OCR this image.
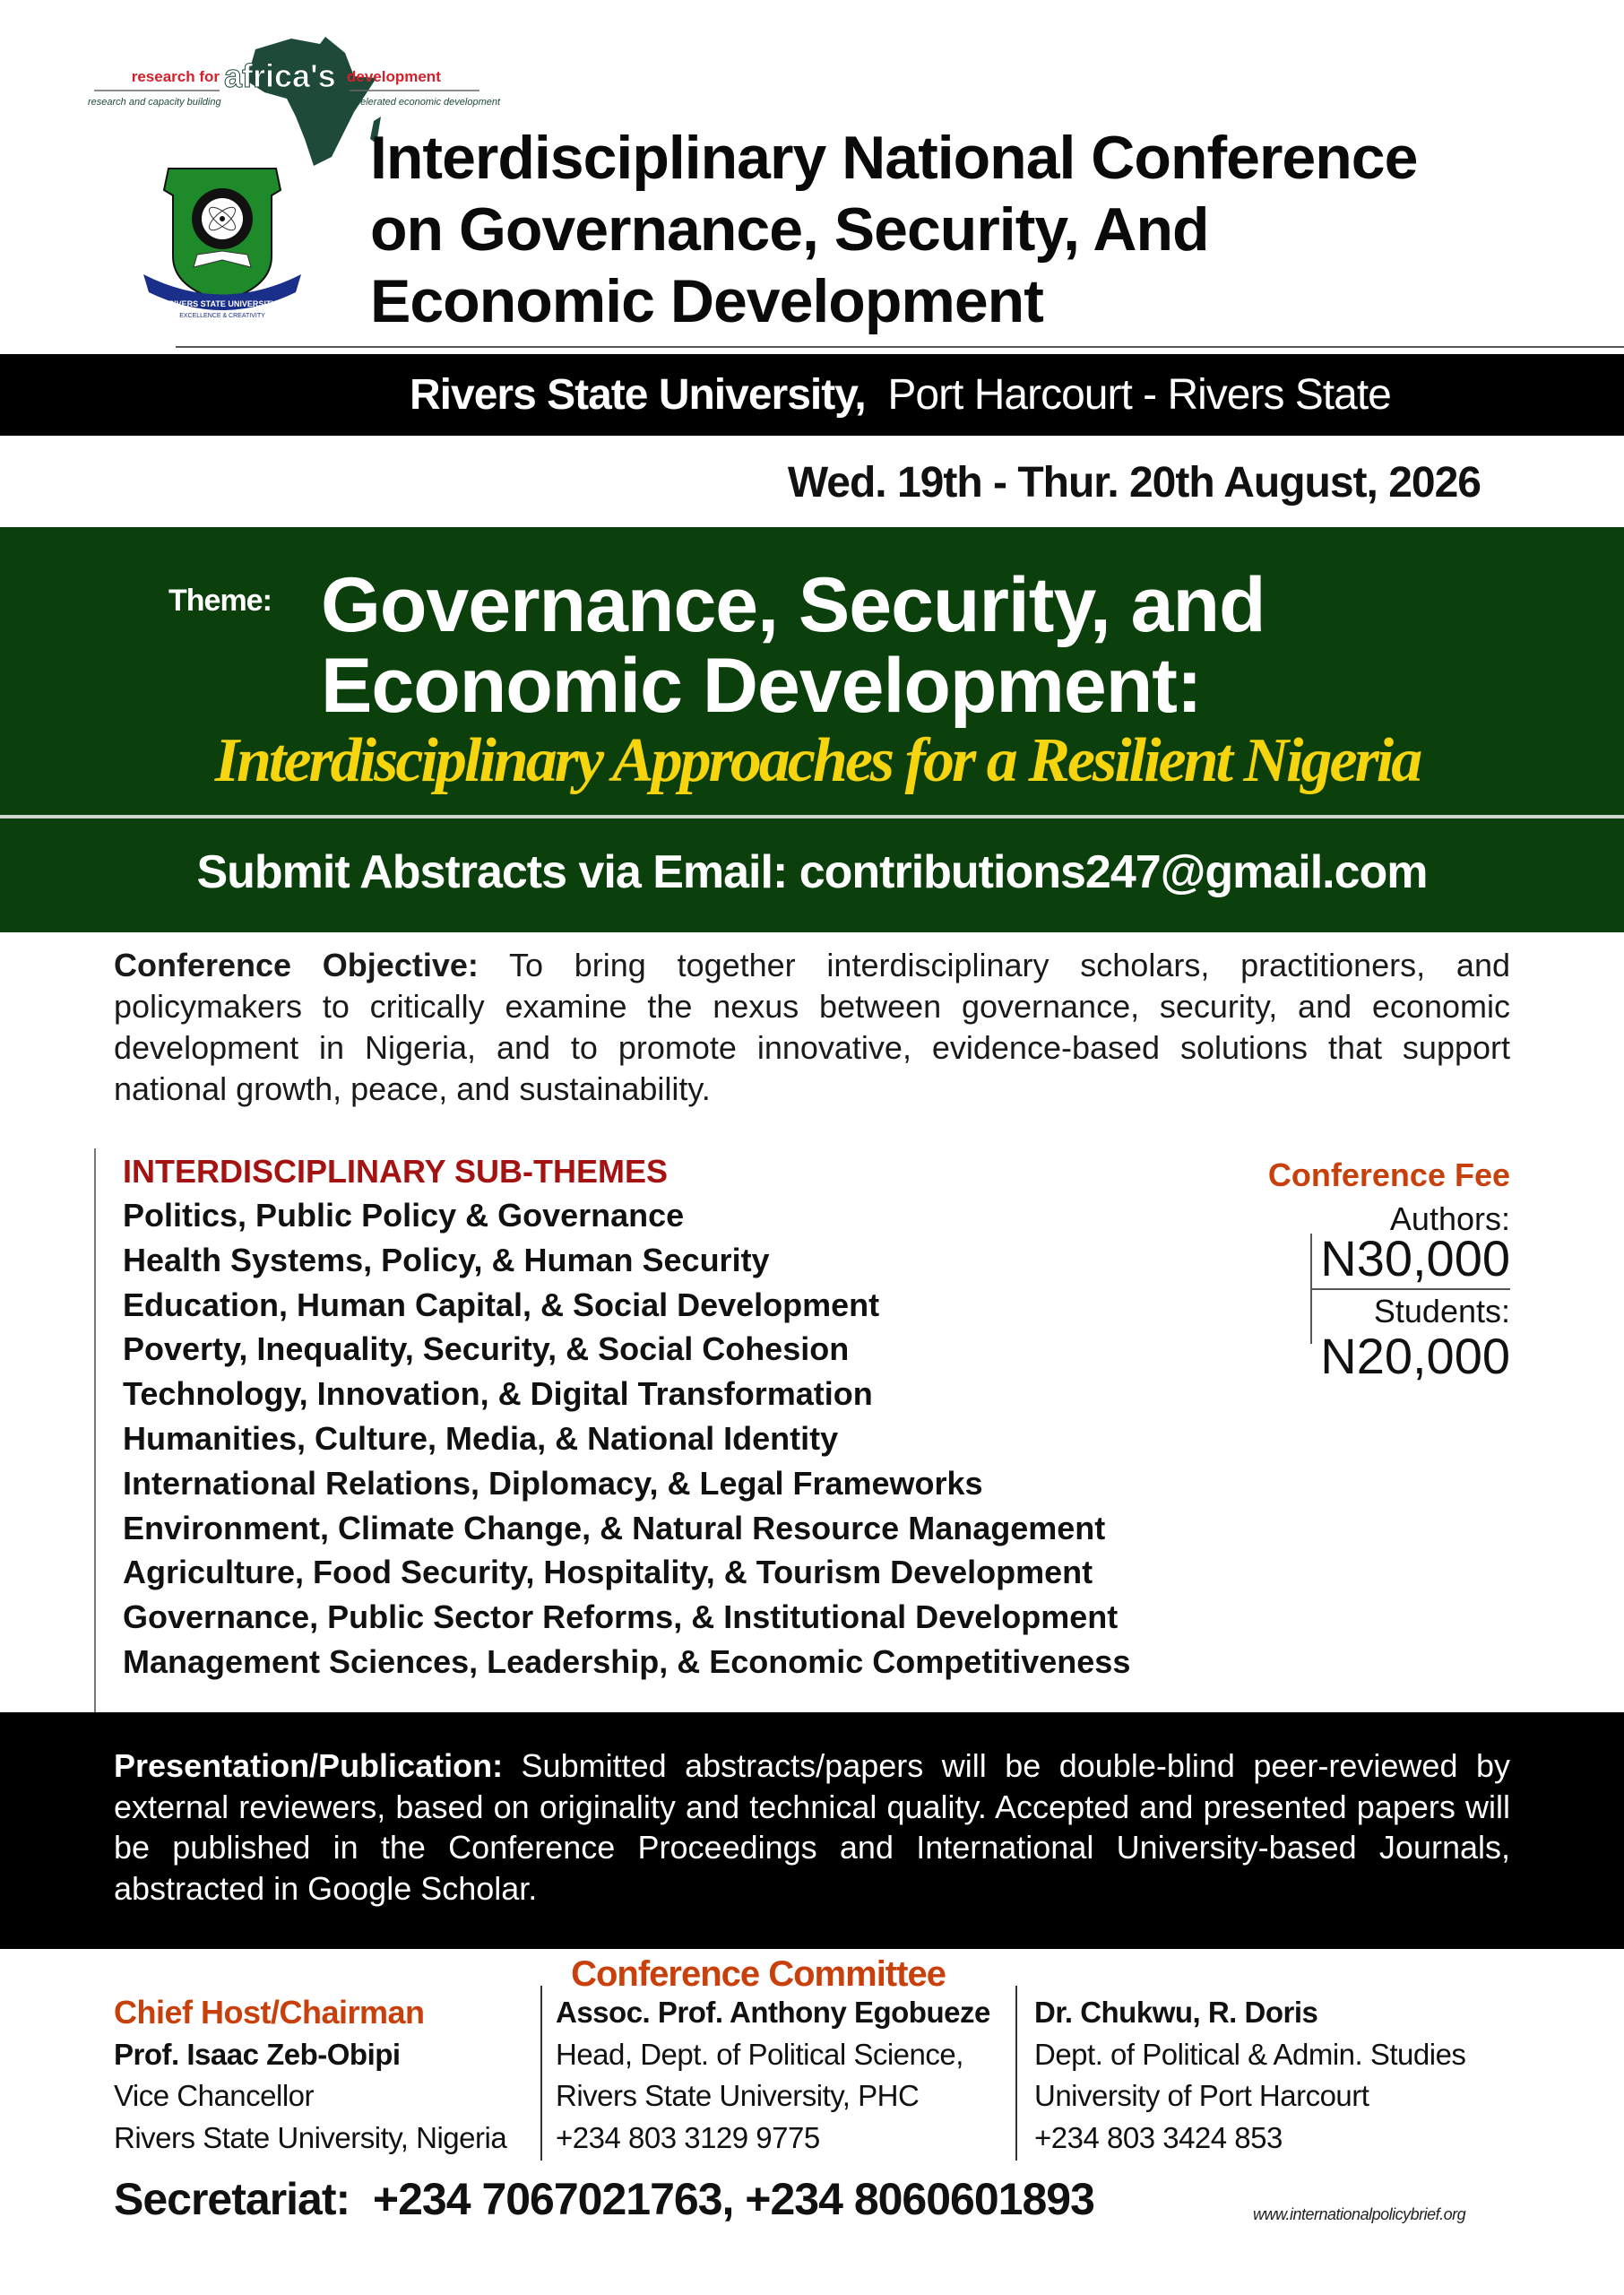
research for africa's development
research and capacity building	accelerated economic development
RIVERS STATE UNIVERSITY
EXCELLENCE & CREATIVITY
Interdisciplinary National Conference
on Governance, Security, And
Economic Development
Rivers State University, Port Harcourt - Rivers State
Wed. 19th - Thur. 20th August, 2026
Theme: Governance, Security, and
Economic Development:
Interdisciplinary Approaches for a Resilient Nigeria
Submit Abstracts via Email: contributions247@gmail.com

Conference Objective: To bring together interdisciplinary scholars, practitioners, and policymakers to critically examine the nexus between governance, security, and economic development in Nigeria, and to promote innovative, evidence-based solutions that support national growth, peace, and sustainability.

INTERDISCIPLINARY SUB-THEMES
Politics, Public Policy & Governance
Health Systems, Policy, & Human Security
Education, Human Capital, & Social Development
Poverty, Inequality, Security, & Social Cohesion
Technology, Innovation, & Digital Transformation
Humanities, Culture, Media, & National Identity
International Relations, Diplomacy, & Legal Frameworks
Environment, Climate Change, & Natural Resource Management
Agriculture, Food Security, Hospitality, & Tourism Development
Governance, Public Sector Reforms, & Institutional Development
Management Sciences, Leadership, & Economic Competitiveness
Conference Fee
Authors:
N30,000
Students:
N20,000

Presentation/Publication: Submitted abstracts/papers will be double-blind peer-reviewed by external reviewers, based on originality and technical quality. Accepted and presented papers will be published in the Conference Proceedings and International University-based Journals, abstracted in Google Scholar.

Conference Committee
Chief Host/Chairman
Prof. Isaac Zeb-Obipi
Vice Chancellor
Rivers State University, Nigeria
Assoc. Prof. Anthony Egobueze
Head, Dept. of Political Science,
Rivers State University, PHC
+234 803 3129 9775
Dr. Chukwu, R. Doris
Dept. of Political & Admin. Studies
University of Port Harcourt
+234 803 3424 853
Secretariat:  +234 7067021763, +234 8060601893	www.internationalpolicybrief.org
